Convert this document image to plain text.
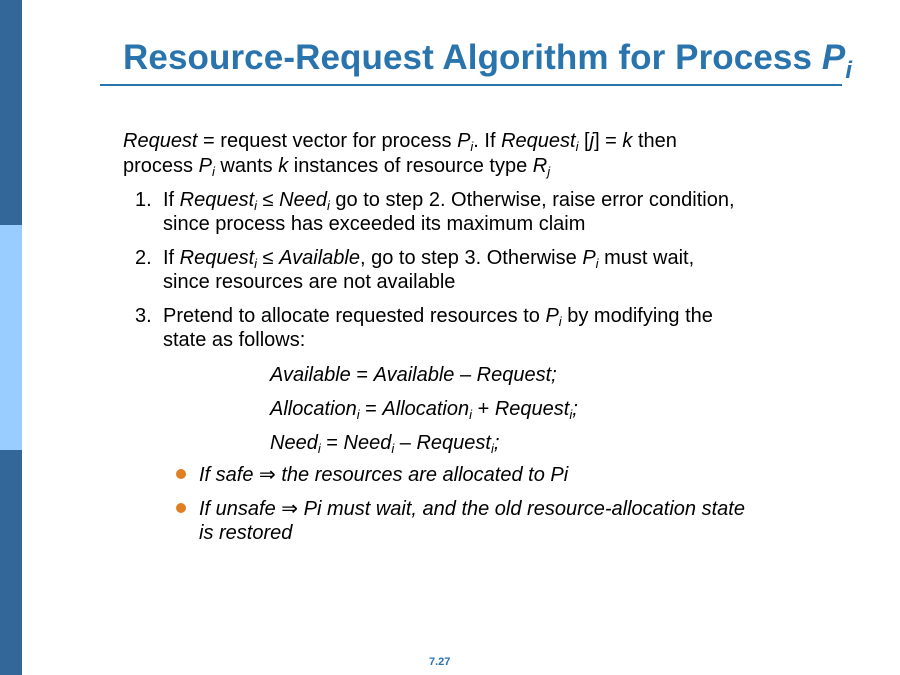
Resource-Request Algorithm for Process $P_i$
Request = request vector for process $P_i$. If Request$_i$ [j] = k then
process $P_i$ wants k instances of resource type $R_j$
1. If Request$_i$ ≤ Need$_i$ go to step 2. Otherwise, raise error condition,
since process has exceeded its maximum claim
2. If Request$_i$ ≤ Available, go to step 3. Otherwise $P_i$ must wait,
since resources are not available
3. Pretend to allocate requested resources to $P_i$ by modifying the
state as follows:
Available = Available – Request;
Allocation$_i$ = Allocation$_i$ + Request$_i$;
Need$_i$ = Need$_i$ – Request$_i$;
If safe ⇒ the resources are allocated to Pi
If unsafe ⇒ Pi must wait, and the old resource-allocation state
is restored
7.27
